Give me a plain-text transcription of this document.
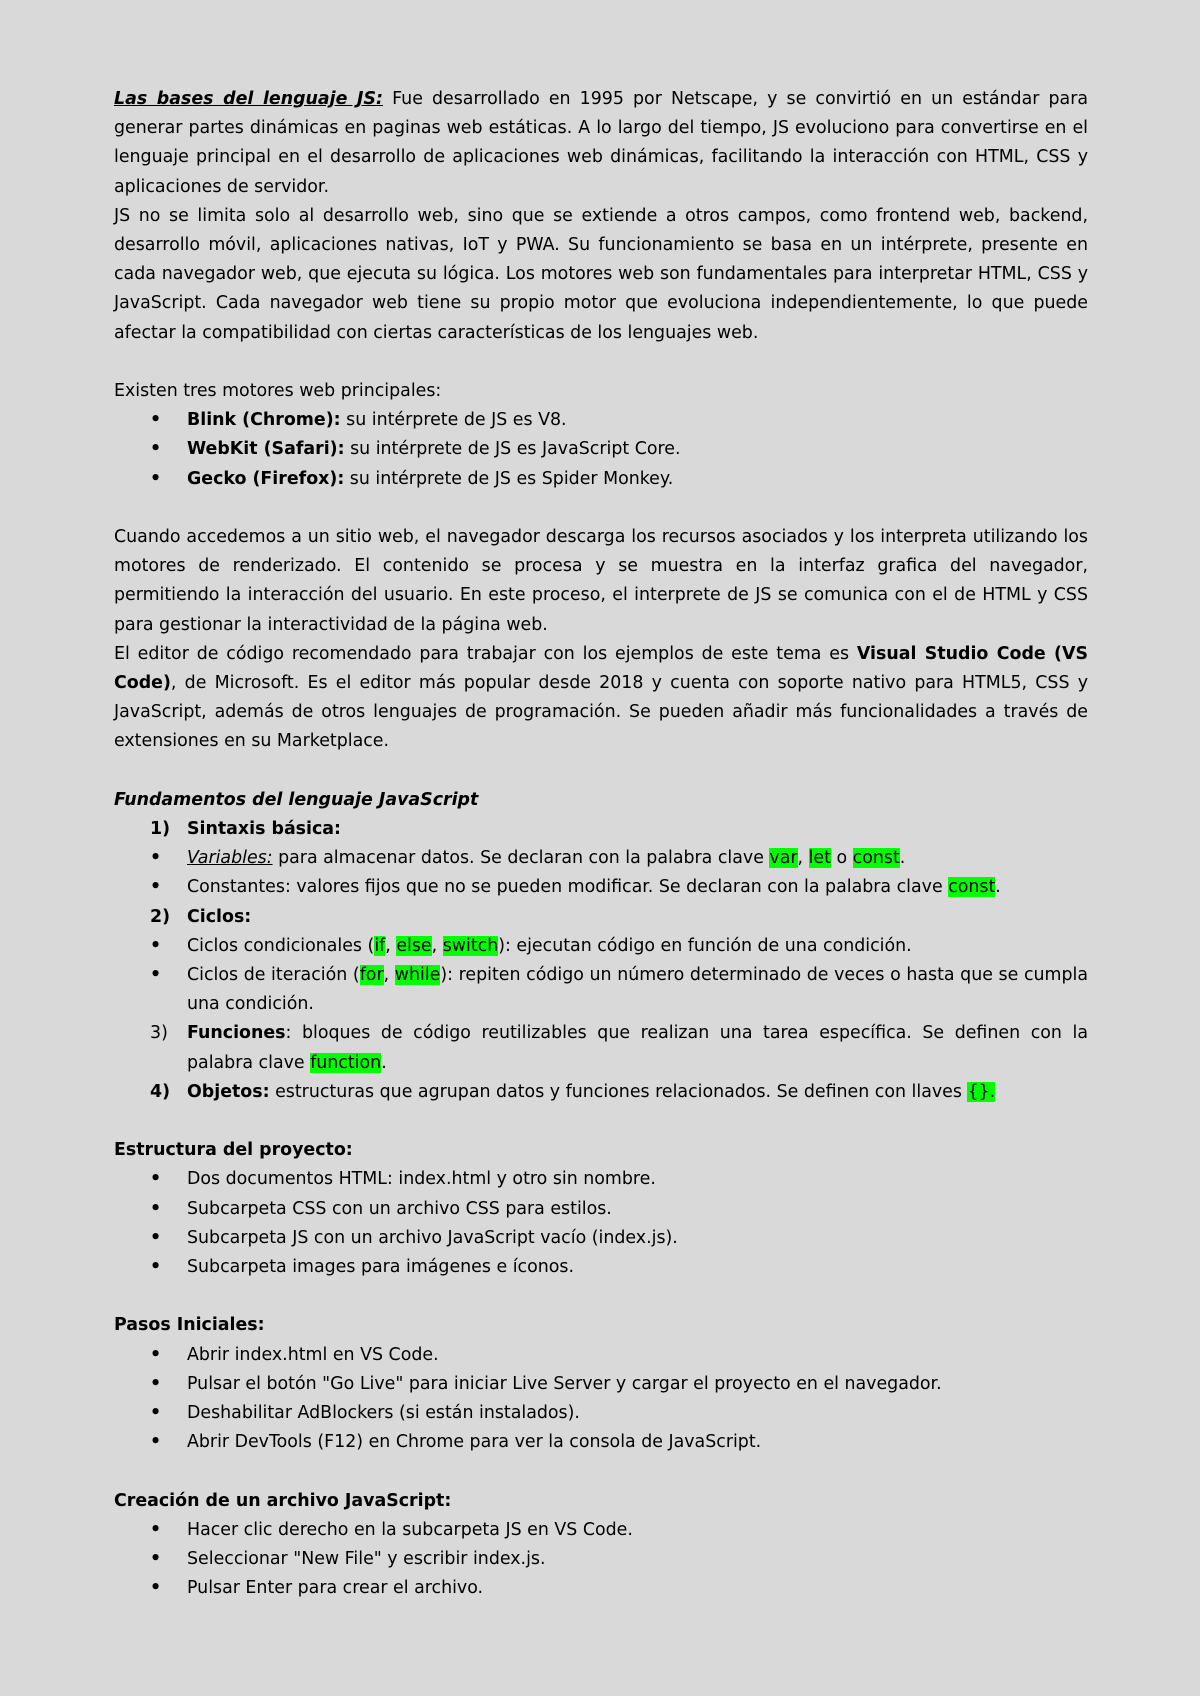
Las bases del lenguaje JS: Fue desarrollado en 1995 por Netscape, y se convirtió en un estándar para generar partes dinámicas en paginas web estáticas. A lo largo del tiempo, JS evoluciono para convertirse en el lenguaje principal en el desarrollo de aplicaciones web dinámicas, facilitando la interacción con HTML, CSS y aplicaciones de servidor.

JS no se limita solo al desarrollo web, sino que se extiende a otros campos, como frontend web, backend, desarrollo móvil, aplicaciones nativas, IoT y PWA. Su funcionamiento se basa en un intérprete, presente en cada navegador web, que ejecuta su lógica. Los motores web son fundamentales para interpretar HTML, CSS y JavaScript. Cada navegador web tiene su propio motor que evoluciona independientemente, lo que puede afectar la compatibilidad con ciertas características de los lenguajes web.

Existen tres motores web principales:

• Blink (Chrome): su intérprete de JS es V8.
• WebKit (Safari): su intérprete de JS es JavaScript Core.
• Gecko (Firefox): su intérprete de JS es Spider Monkey.

Cuando accedemos a un sitio web, el navegador descarga los recursos asociados y los interpreta utilizando los motores de renderizado. El contenido se procesa y se muestra en la interfaz grafica del navegador, permitiendo la interacción del usuario. En este proceso, el interprete de JS se comunica con el de HTML y CSS para gestionar la interactividad de la página web.

El editor de código recomendado para trabajar con los ejemplos de este tema es Visual Studio Code (VS Code), de Microsoft. Es el editor más popular desde 2018 y cuenta con soporte nativo para HTML5, CSS y JavaScript, además de otros lenguajes de programación. Se pueden añadir más funcionalidades a través de extensiones en su Marketplace.

Fundamentos del lenguaje JavaScript

1) Sintaxis básica:
• Variables: para almacenar datos. Se declaran con la palabra clave var, let o const.
• Constantes: valores fijos que no se pueden modificar. Se declaran con la palabra clave const.
2) Ciclos:
• Ciclos condicionales (if, else, switch): ejecutan código en función de una condición.
• Ciclos de iteración (for, while): repiten código un número determinado de veces o hasta que se cumpla una condición.
3) Funciones: bloques de código reutilizables que realizan una tarea específica. Se definen con la palabra clave function.
4) Objetos: estructuras que agrupan datos y funciones relacionados. Se definen con llaves {}.

Estructura del proyecto:

• Dos documentos HTML: index.html y otro sin nombre.
• Subcarpeta CSS con un archivo CSS para estilos.
• Subcarpeta JS con un archivo JavaScript vacío (index.js).
• Subcarpeta images para imágenes e íconos.

Pasos Iniciales:

• Abrir index.html en VS Code.
• Pulsar el botón "Go Live" para iniciar Live Server y cargar el proyecto en el navegador.
• Deshabilitar AdBlockers (si están instalados).
• Abrir DevTools (F12) en Chrome para ver la consola de JavaScript.

Creación de un archivo JavaScript:

• Hacer clic derecho en la subcarpeta JS en VS Code.
• Seleccionar "New File" y escribir index.js.
• Pulsar Enter para crear el archivo.
